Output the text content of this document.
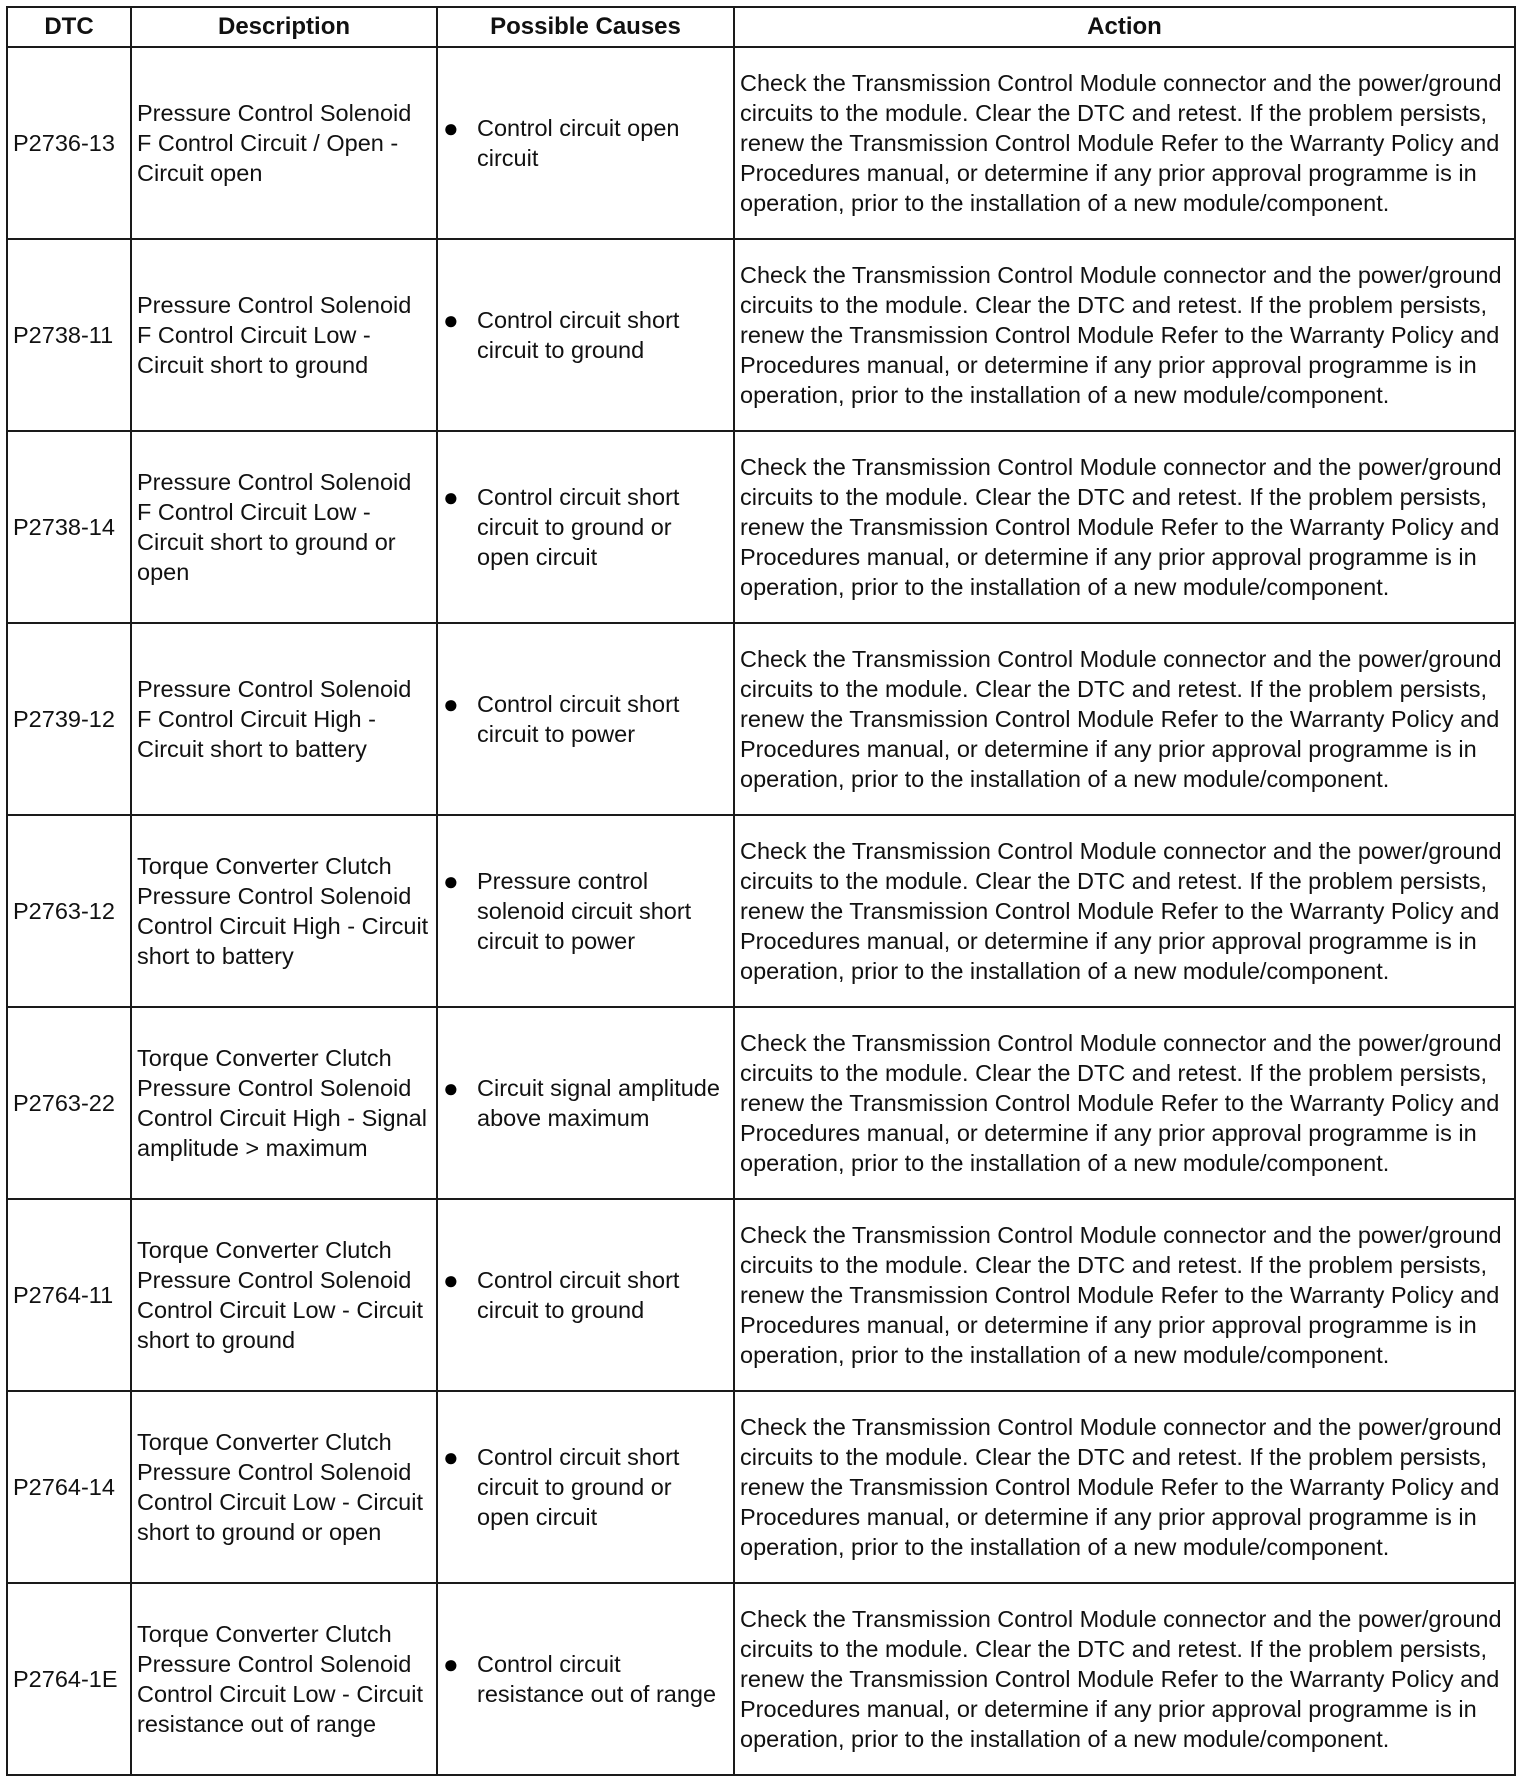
DTC	Description	Possible Causes	Action
P2736-13	Pressure Control Solenoid F Control Circuit / Open - Circuit open	● Control circuit open circuit	Check the Transmission Control Module connector and the power/ground circuits to the module. Clear the DTC and retest. If the problem persists, renew the Transmission Control Module Refer to the Warranty Policy and Procedures manual, or determine if any prior approval programme is in operation, prior to the installation of a new module/component.
P2738-11	Pressure Control Solenoid F Control Circuit Low - Circuit short to ground	● Control circuit short circuit to ground	Check the Transmission Control Module connector and the power/ground circuits to the module. Clear the DTC and retest. If the problem persists, renew the Transmission Control Module Refer to the Warranty Policy and Procedures manual, or determine if any prior approval programme is in operation, prior to the installation of a new module/component.
P2738-14	Pressure Control Solenoid F Control Circuit Low - Circuit short to ground or open	● Control circuit short circuit to ground or open circuit	Check the Transmission Control Module connector and the power/ground circuits to the module. Clear the DTC and retest. If the problem persists, renew the Transmission Control Module Refer to the Warranty Policy and Procedures manual, or determine if any prior approval programme is in operation, prior to the installation of a new module/component.
P2739-12	Pressure Control Solenoid F Control Circuit High - Circuit short to battery	● Control circuit short circuit to power	Check the Transmission Control Module connector and the power/ground circuits to the module. Clear the DTC and retest. If the problem persists, renew the Transmission Control Module Refer to the Warranty Policy and Procedures manual, or determine if any prior approval programme is in operation, prior to the installation of a new module/component.
P2763-12	Torque Converter Clutch Pressure Control Solenoid Control Circuit High - Circuit short to battery	● Pressure control solenoid circuit short circuit to power	Check the Transmission Control Module connector and the power/ground circuits to the module. Clear the DTC and retest. If the problem persists, renew the Transmission Control Module Refer to the Warranty Policy and Procedures manual, or determine if any prior approval programme is in operation, prior to the installation of a new module/component.
P2763-22	Torque Converter Clutch Pressure Control Solenoid Control Circuit High - Signal amplitude > maximum	● Circuit signal amplitude above maximum	Check the Transmission Control Module connector and the power/ground circuits to the module. Clear the DTC and retest. If the problem persists, renew the Transmission Control Module Refer to the Warranty Policy and Procedures manual, or determine if any prior approval programme is in operation, prior to the installation of a new module/component.
P2764-11	Torque Converter Clutch Pressure Control Solenoid Control Circuit Low - Circuit short to ground	● Control circuit short circuit to ground	Check the Transmission Control Module connector and the power/ground circuits to the module. Clear the DTC and retest. If the problem persists, renew the Transmission Control Module Refer to the Warranty Policy and Procedures manual, or determine if any prior approval programme is in operation, prior to the installation of a new module/component.
P2764-14	Torque Converter Clutch Pressure Control Solenoid Control Circuit Low - Circuit short to ground or open	● Control circuit short circuit to ground or open circuit	Check the Transmission Control Module connector and the power/ground circuits to the module. Clear the DTC and retest. If the problem persists, renew the Transmission Control Module Refer to the Warranty Policy and Procedures manual, or determine if any prior approval programme is in operation, prior to the installation of a new module/component.
P2764-1E	Torque Converter Clutch Pressure Control Solenoid Control Circuit Low - Circuit resistance out of range	● Control circuit resistance out of range	Check the Transmission Control Module connector and the power/ground circuits to the module. Clear the DTC and retest. If the problem persists, renew the Transmission Control Module Refer to the Warranty Policy and Procedures manual, or determine if any prior approval programme is in operation, prior to the installation of a new module/component.
